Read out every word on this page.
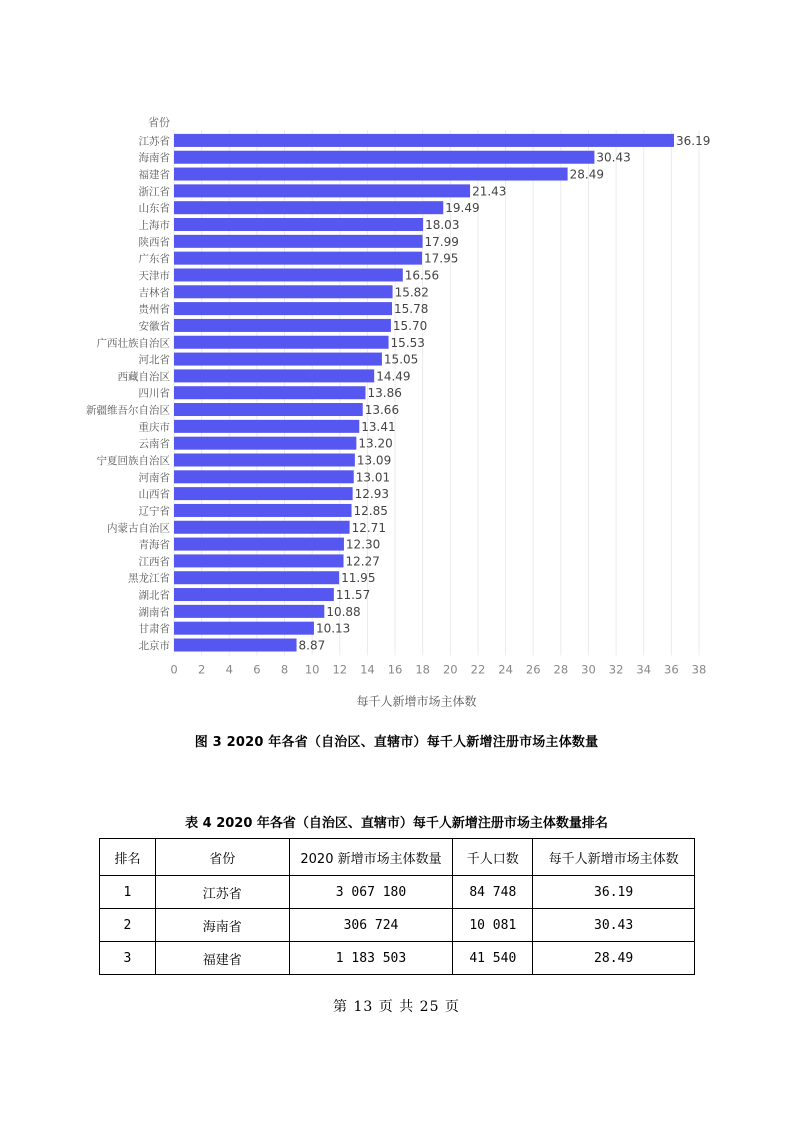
省份
江苏省	36.19
海南省	30.43
福建省	28.49
浙江省	21.43
山东省	19.49
上海市	18.03
陕西省	17.99
广东省	17.95
天津市	16.56
吉林省	15.82
贵州省	15.78
安徽省	15.70
广西壮族自治区	15.53
河北省	15.05
西藏自治区	14.49
四川省	13.86
新疆维吾尔自治区	13.66
重庆市	13.41
云南省	13.20
宁夏回族自治区	13.09
河南省	13.01
山西省	12.93
辽宁省	12.85
内蒙古自治区	12.71
青海省	12.30
江西省	12.27
黑龙江省	11.95
湖北省	11.57
湖南省	10.88
甘肃省	10.13
北京市	8.87
0 2 4 6 8 10 12 14 16 18 20 22 24 26 28 30 32 34 36 38
每千人新增市场主体数
图 3 2020 年各省（自治区、直辖市）每千人新增注册市场主体数量
表 4 2020 年各省（自治区、直辖市）每千人新增注册市场主体数量排名
排名	省份	2020 新增市场主体数量	千人口数	每千人新增市场主体数
1	江苏省	3 067 180	84 748	36.19
2	海南省	306 724	10 081	30.43
3	福建省	1 183 503	41 540	28.49
第 13 页 共 25 页
